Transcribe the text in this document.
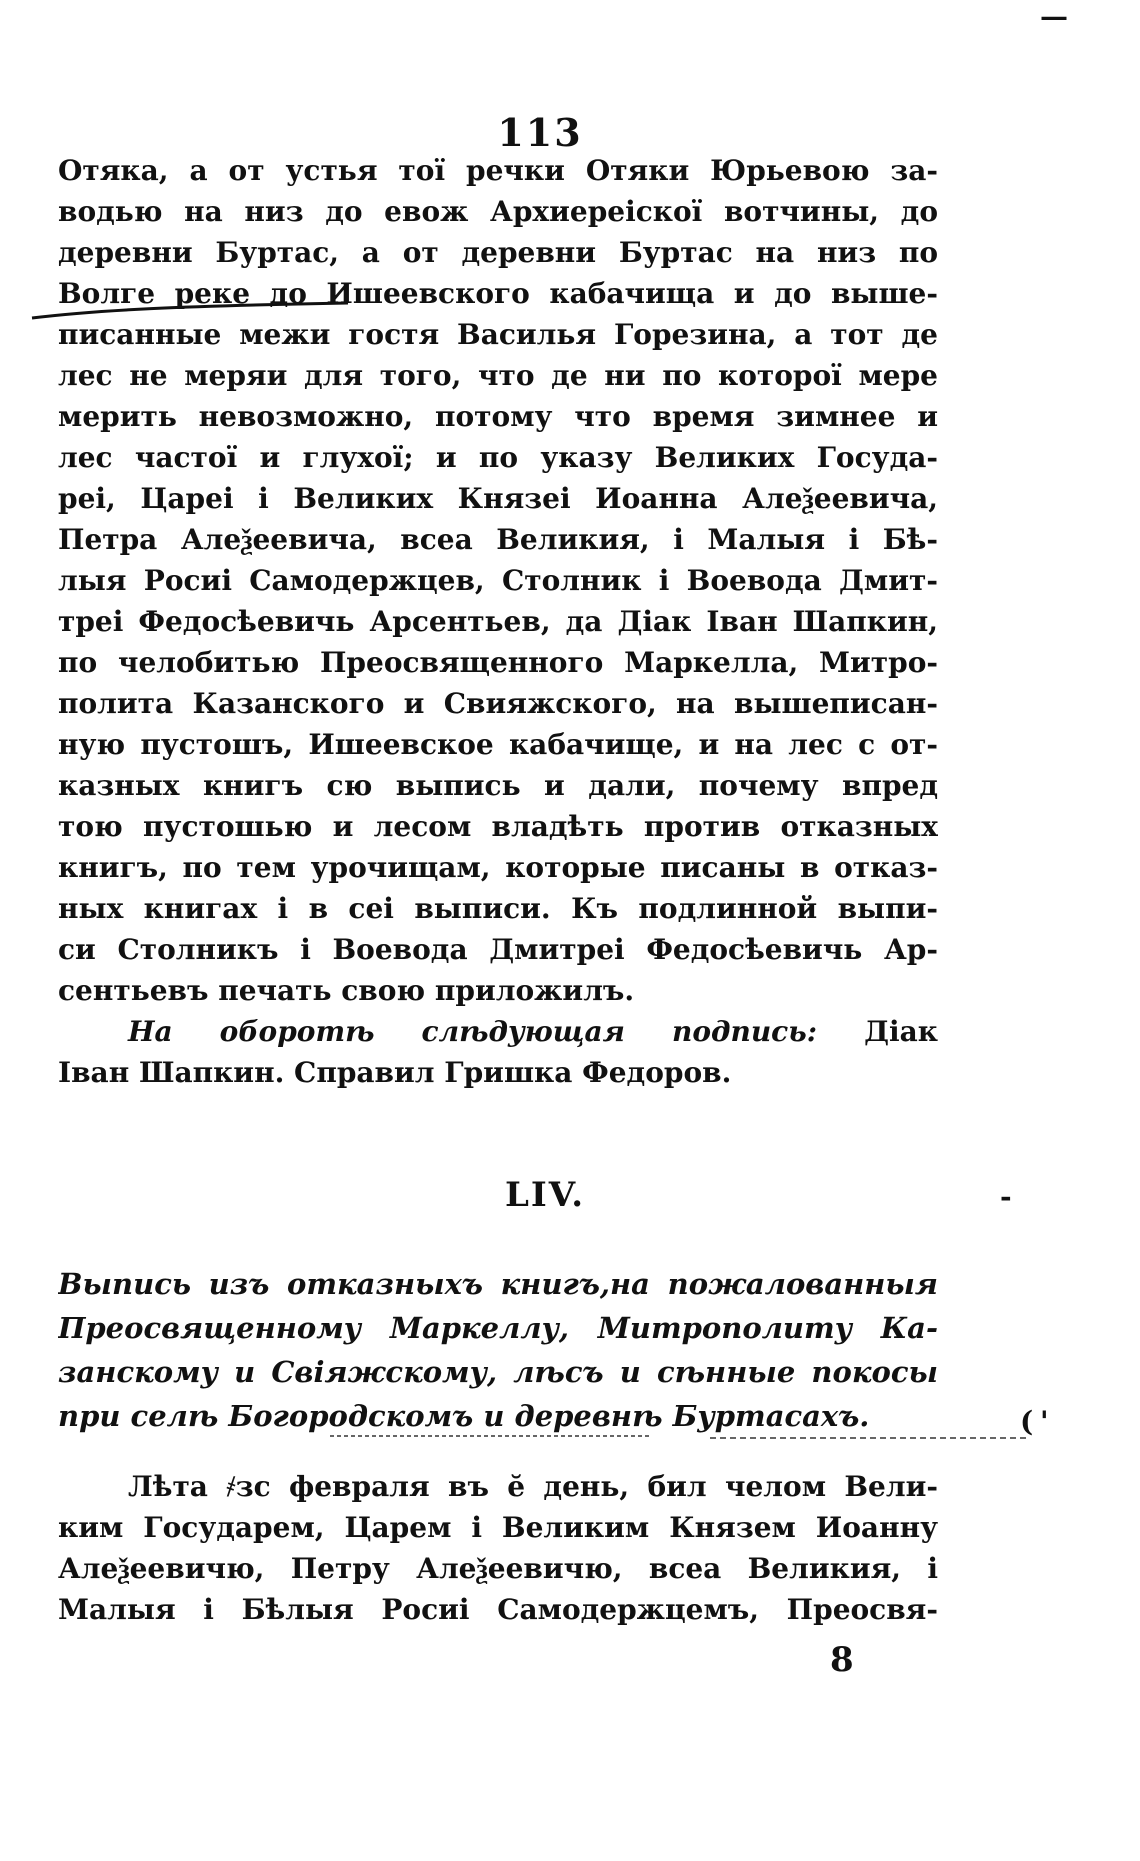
113
Отяка, а от устья тої речки Отяки Юрьевою за-
водью на низ до евож Архиереіскої вотчины, до
деревни Буртас, а от деревни Буртас на низ по
Волге реке до Ишеевского кабачища и до выше-
писанные межи гостя Василья Горезина, а тот де
лес не меряи для того, что де ни по которої мере
мерить невозможно, потому что время зимнее и
лес частої и глухої; и по указу Великих Госуда-
реі, Цареі і Великих Князеі Иоанна Алеѯеевича,
Петра Алеѯеевича, всеа Великия, і Малыя і Бѣ-
лыя Росиі Самодержцев, Столник і Воевода Дмит-
треі Федосѣевичь Арсентьев, да Діак Іван Шапкин,
по челобитью Преосвященного Маркелла, Митро-
полита Казанского и Свияжского, на вышеписан-
ную пустошъ, Ишеевское кабачище, и на лес с от-
казных книгъ сю выпись и дали, почему впред
тою пустошью и лесом владѣть против отказных
книгъ, по тем урочищам, которые писаны в отказ-
ных книгах і в сеі выписи. Къ подлинной выпи-
си Столникъ і Воевода Дмитреі Федосѣевичь Ар-
сентьевъ печать свою приложилъ.
На оборотѣ слѣдующая подпись: Діак
Іван Шапкин. Справил Гришка Федоров.
LIV.
Выпись изъ отказныхъ книгъ,на пожалованныя
Преосвященному Маркеллу, Митрополиту Ка-
занскому и Свіяжскому, лѣсъ и сѣнные покосы
при селѣ Богородскомъ и деревнѣ Буртасахъ.
Лѣта ҂зс февраля въ ӗ день, бил челом Вели-
ким Государем, Царем і Великим Князем Иоанну
Алеѯеевичю, Петру Алеѯеевичю, всеа Великия, і
Малыя і Бѣлыя Росиі Самодержцемъ, Преосвя-
8
—
-
( '
